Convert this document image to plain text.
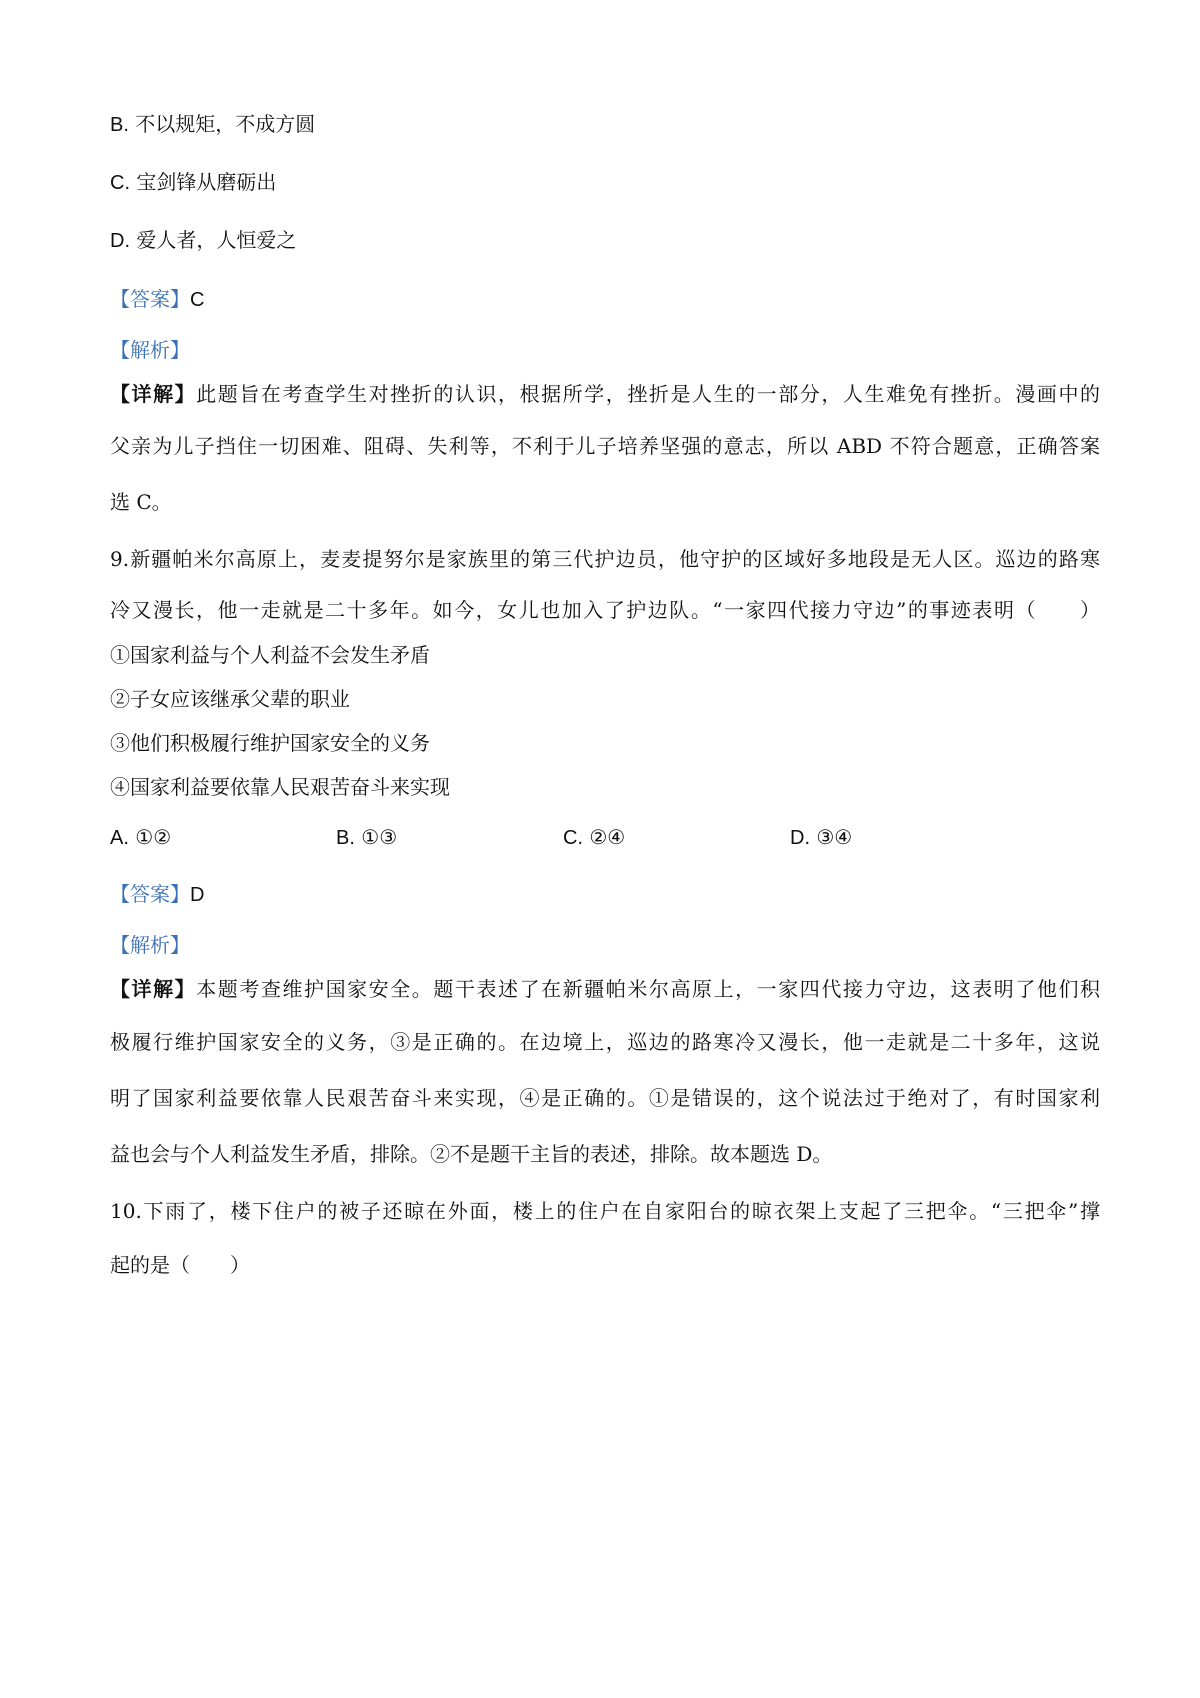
B. 不以规矩，不成方圆
C. 宝剑锋从磨砺出
D. 爱人者，人恒爱之
【答案】C
【解析】
【详解】此题旨在考查学生对挫折的认识，根据所学，挫折是人生的一部分，人生难免有挫折。漫画中的
父亲为儿子挡住一切困难、阻碍、失利等，不利于儿子培养坚强的意志，所以 ABD 不符合题意，正确答案
选 C。
9.新疆帕米尔高原上，麦麦提努尔是家族里的第三代护边员，他守护的区域好多地段是无人区。巡边的路寒
冷又漫长，他一走就是二十多年。如今，女儿也加入了护边队。“一家四代接力守边”的事迹表明（　　）
①国家利益与个人利益不会发生矛盾
②子女应该继承父辈的职业
③他们积极履行维护国家安全的义务
④国家利益要依靠人民艰苦奋斗来实现
A. ①②	B. ①③	C. ②④	D. ③④
【答案】D
【解析】
【详解】本题考查维护国家安全。题干表述了在新疆帕米尔高原上，一家四代接力守边，这表明了他们积
极履行维护国家安全的义务，③是正确的。在边境上，巡边的路寒冷又漫长，他一走就是二十多年，这说
明了国家利益要依靠人民艰苦奋斗来实现，④是正确的。①是错误的，这个说法过于绝对了，有时国家利
益也会与个人利益发生矛盾，排除。②不是题干主旨的表述，排除。故本题选 D。
10.下雨了，楼下住户的被子还晾在外面，楼上的住户在自家阳台的晾衣架上支起了三把伞。“三把伞”撑
起的是（　　）
